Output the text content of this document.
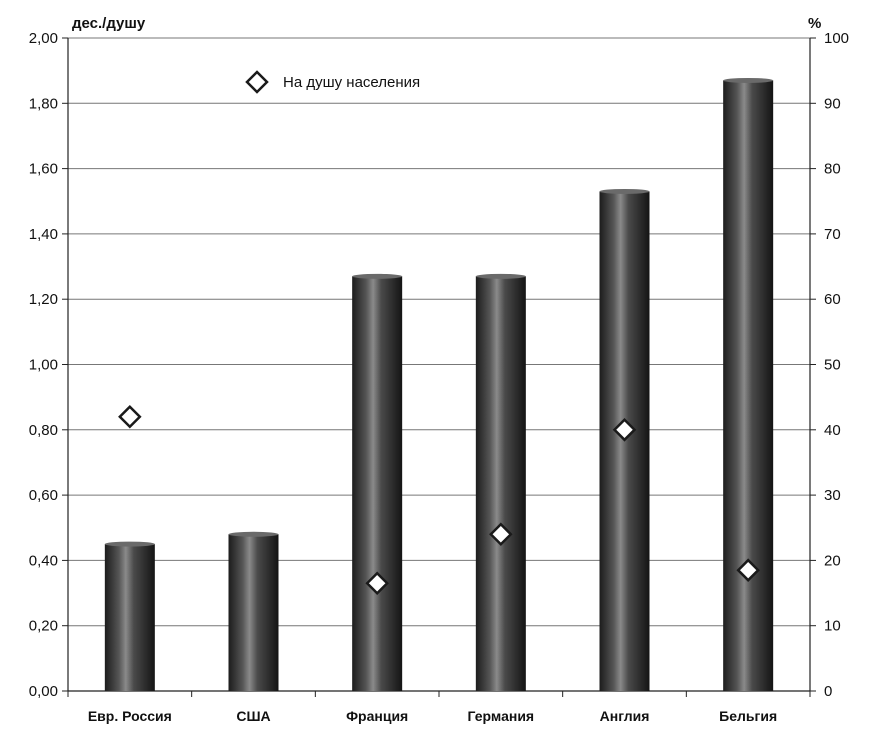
0,00
0,20
0,40
0,60
0,80
1,00
1,20
1,40
1,60
1,80
2,00
0
10
20
30
40
50
60
70
80
90
100
Евр. Россия	США	Франция	Германия	Англия	Бельгия
На душу населения
дес./душу	%
